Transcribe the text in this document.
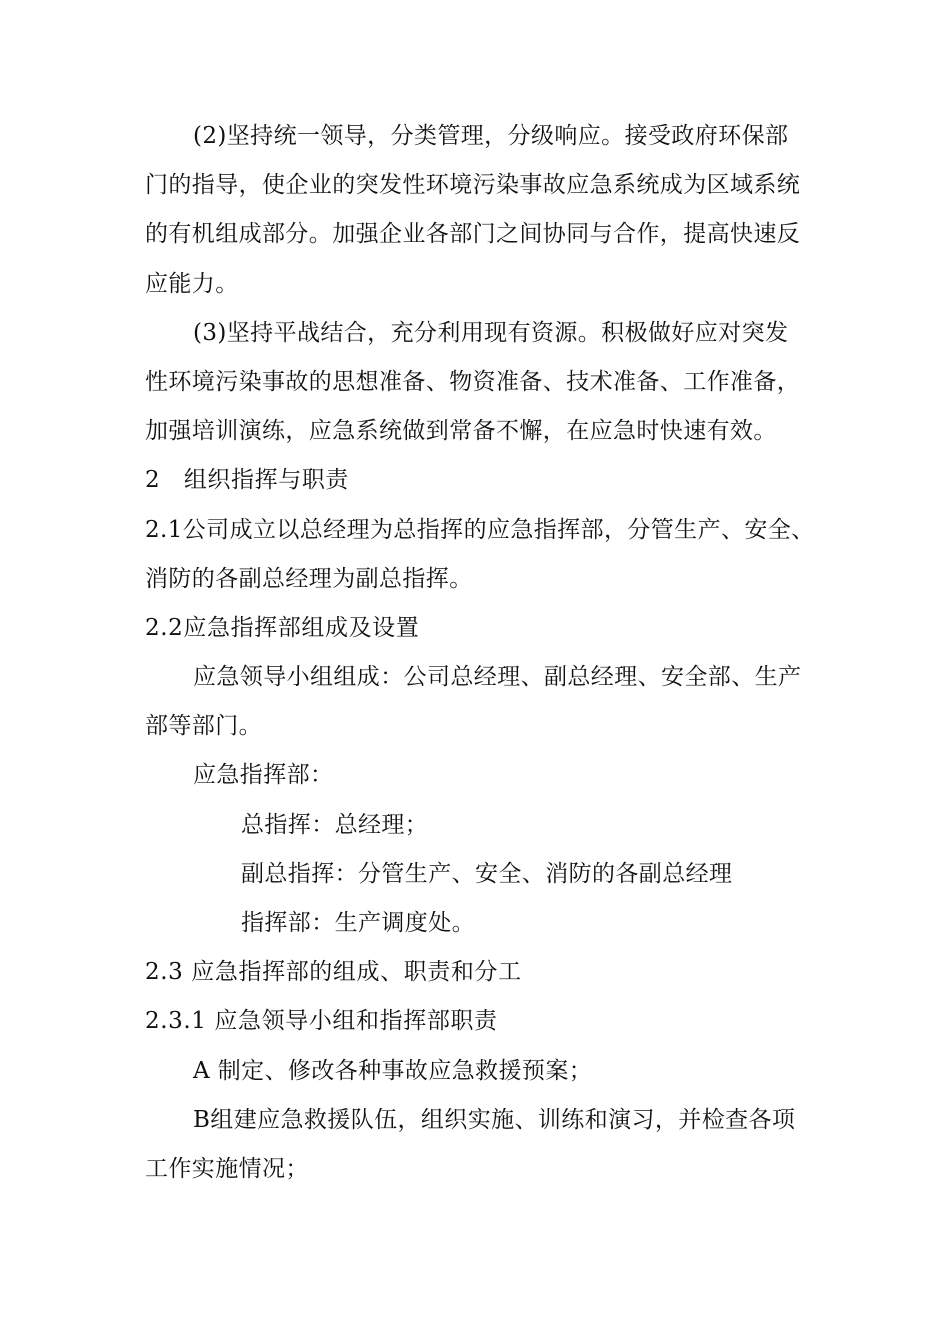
(2)坚持统一领导，分类管理，分级响应。接受政府环保部
门的指导，使企业的突发性环境污染事故应急系统成为区域系统
的有机组成部分。加强企业各部门之间协同与合作，提高快速反
应能力。
(3)坚持平战结合，充分利用现有资源。积极做好应对突发
性环境污染事故的思想准备、物资准备、技术准备、工作准备，
加强培训演练，应急系统做到常备不懈，在应急时快速有效。
2　组织指挥与职责
2.1公司成立以总经理为总指挥的应急指挥部，分管生产、安全、
消防的各副总经理为副总指挥。
2.2应急指挥部组成及设置
应急领导小组组成：公司总经理、副总经理、安全部、生产
部等部门。
应急指挥部：
总指挥：总经理；
副总指挥：分管生产、安全、消防的各副总经理
指挥部：生产调度处。
2.3 应急指挥部的组成、职责和分工
2.3.1 应急领导小组和指挥部职责
A 制定、修改各种事故应急救援预案；
B组建应急救援队伍，组织实施、训练和演习，并检查各项
工作实施情况；
